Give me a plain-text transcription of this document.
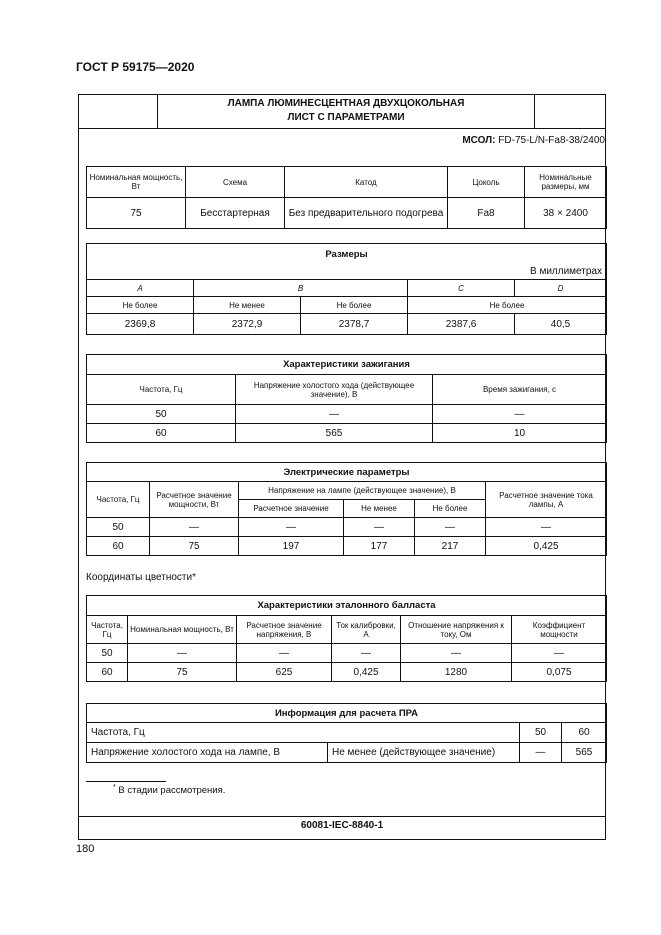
ГОСТ Р 59175—2020
ЛАМПА ЛЮМИНЕСЦЕНТНАЯ ДВУХЦОКОЛЬНАЯ
ЛИСТ С ПАРАМЕТРАМИ
МСОЛ: FD-75-L/N-Fa8-38/2400
Номинальная мощность, Вт	Схема	Катод	Цоколь	Номинальные размеры, мм
75	Бесстартерная	Без предварительного подогрева	Fa8	38 × 2400
Размеры
В миллиметрах				

A	B		C	D
Не более	Не менее	Не более	Не более	
2369,8	2372,9	2378,7	2387,6	40,5
Характеристики зажигания		
Частота, Гц	Напряжение холостого хода (действующее значение), В	Время зажигания, с
50	—	—
60	565	10
Электрические параметры					
Частота, Гц	Расчетное значение мощности, Вт	Напряжение на лампе (действующее значение), В			Расчетное значение тока лампы, А
		Расчетное значение	Не менее	Не более	
50	—	—	—	—	—
60	75	197	177	217	0,425
Координаты цветности*
Характеристики эталонного балласта					
Частота, Гц	Номинальная мощность, Вт	Расчетное значение напряжения, В	Ток калибровки, А	Отношение напряжения к току, Ом	Коэффициент мощности
50	—	—	—	—	—
60	75	625	0,425	1280	0,075
Информация для расчета ПРА			
Частота, Гц		50	60
Напряжение холостого хода на лампе, В	Не менее (действующее значение)	—	565
* В стадии рассмотрения.
60081-IEC-8840-1
180
